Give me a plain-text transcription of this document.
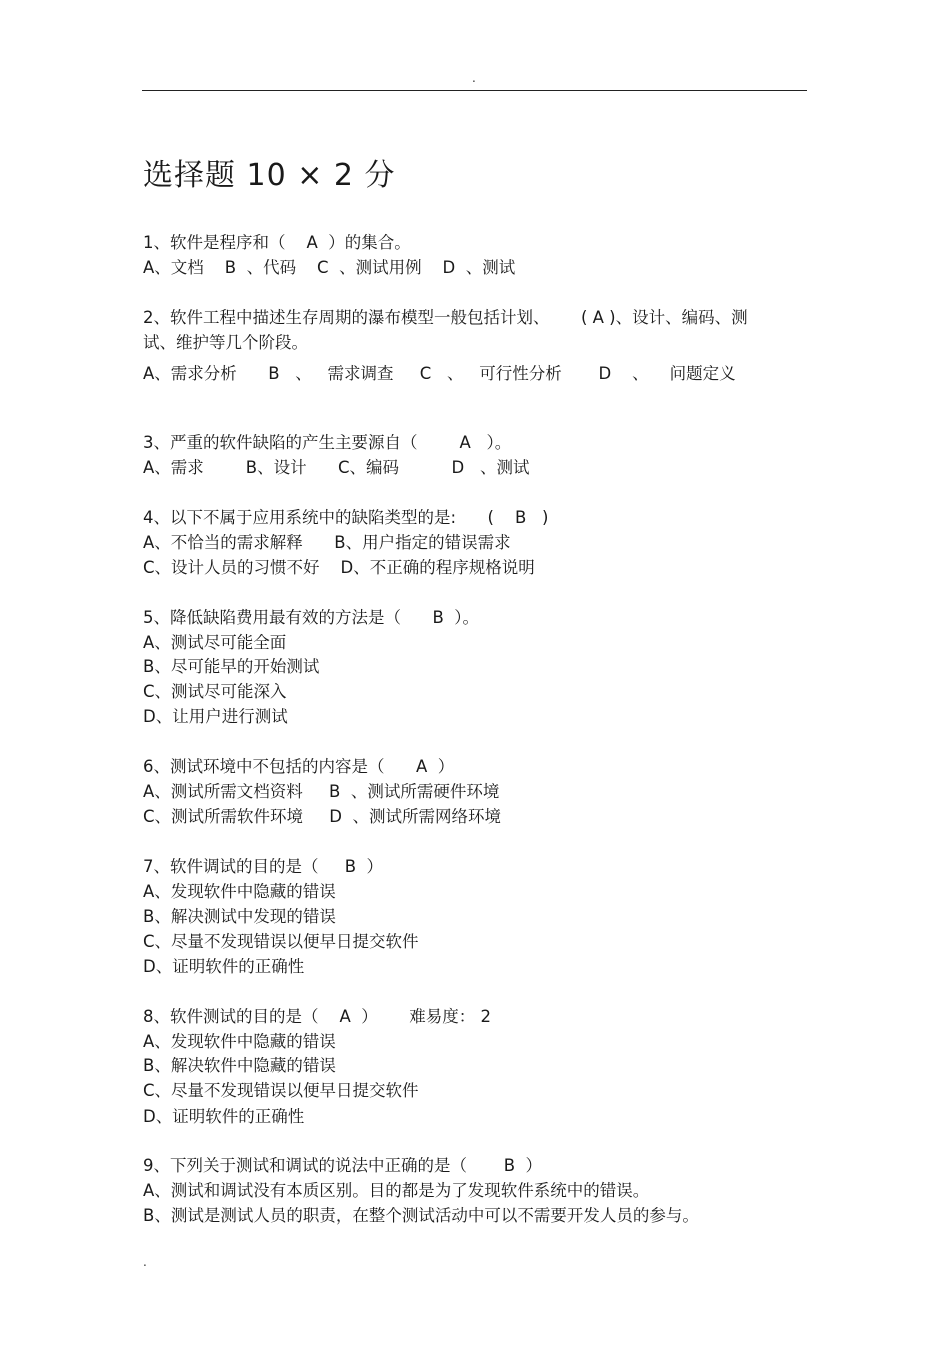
.
选择题 10 × 2 分
1、软件是程序和（    A  ）的集合。
A、文档    B  、代码    C  、测试用例    D  、测试
2、软件工程中描述生存周期的瀑布模型一般包括计划、      ( A )、设计、编码、测
试、维护等几个阶段。
A、需求分析      B   、   需求调查     C   、   可行性分析       D    、    问题定义
3、严重的软件缺陷的产生主要源自（        A   ）。
A、需求        B、设计      C、编码          D   、测试
4、以下不属于应用系统中的缺陷类型的是:      (    B   )
A、不恰当的需求解释      B、用户指定的错误需求
C、设计人员的习惯不好    D、不正确的程序规格说明
5、降低缺陷费用最有效的方法是（      B  ）。
A、测试尽可能全面
B、尽可能早的开始测试
C、测试尽可能深入
D、让用户进行测试
6、测试环境中不包括的内容是（      A  ）
A、测试所需文档资料     B  、测试所需硬件环境
C、测试所需软件环境     D  、测试所需网络环境
7、软件调试的目的是（     B  ）
A、发现软件中隐藏的错误
B、解决测试中发现的错误
C、尽量不发现错误以便早日提交软件
D、证明软件的正确性
8、软件测试的目的是（    A  ）      难易度： 2
A、发现软件中隐藏的错误
B、解决软件中隐藏的错误
C、尽量不发现错误以便早日提交软件
D、证明软件的正确性
9、下列关于测试和调试的说法中正确的是（       B  ）
A、测试和调试没有本质区别。目的都是为了发现软件系统中的错误。
B、测试是测试人员的职责，在整个测试活动中可以不需要开发人员的参与。
.
